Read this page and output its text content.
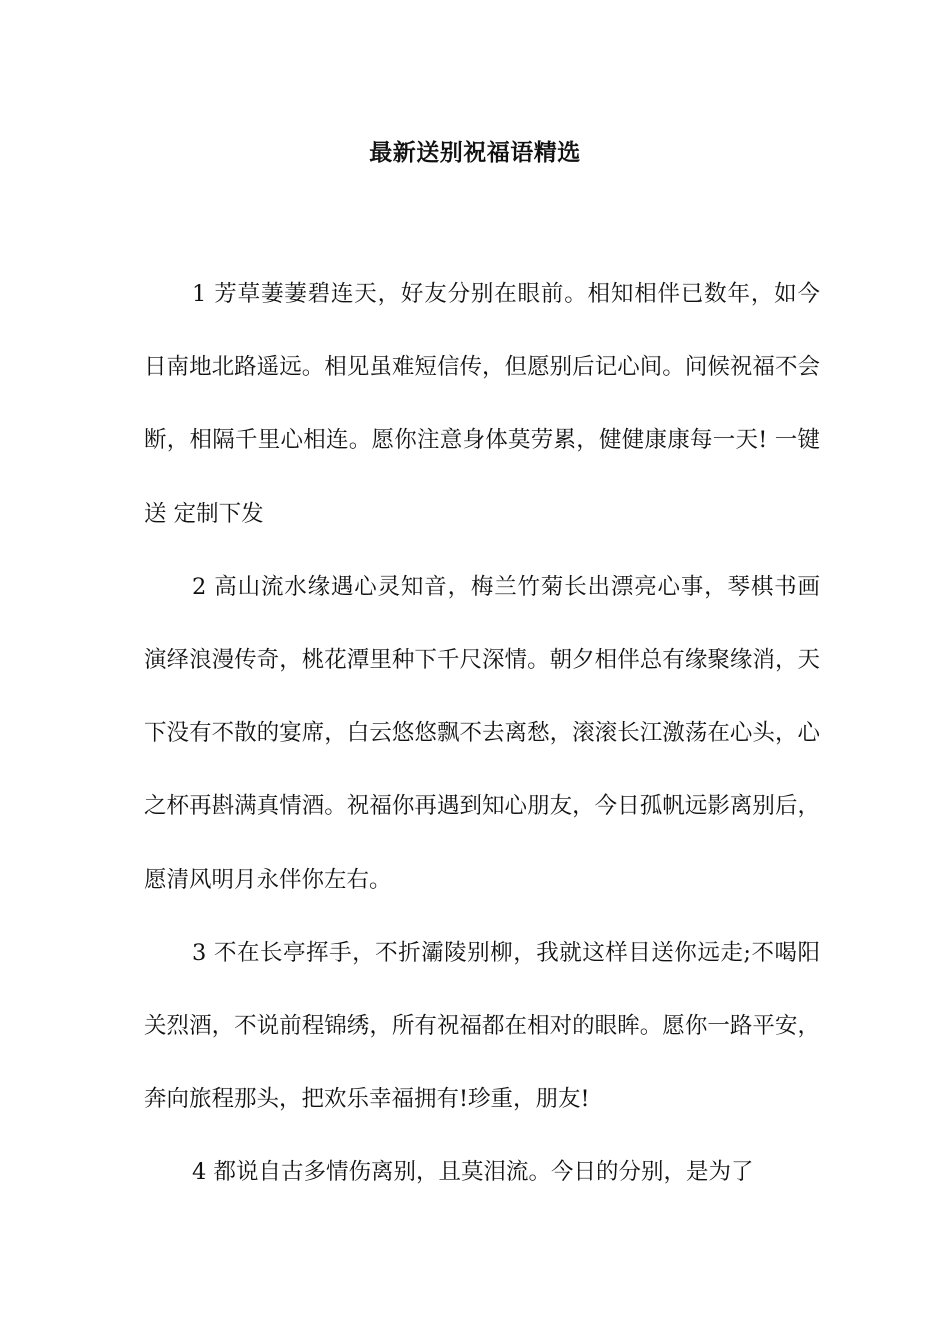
最新送别祝福语精选

1 芳草萋萋碧连天，好友分别在眼前。相知相伴已数年，如今日南地北路遥远。相见虽难短信传，但愿别后记心间。问候祝福不会断，相隔千里心相连。愿你注意身体莫劳累，健健康康每一天! 一键送 定制下发

2 高山流水缘遇心灵知音，梅兰竹菊长出漂亮心事，琴棋书画演绎浪漫传奇，桃花潭里种下千尺深情。朝夕相伴总有缘聚缘消，天下没有不散的宴席，白云悠悠飘不去离愁，滚滚长江激荡在心头，心之杯再斟满真情酒。祝福你再遇到知心朋友，今日孤帆远影离别后，愿清风明月永伴你左右。

3 不在长亭挥手，不折灞陵别柳，我就这样目送你远走;不喝阳关烈酒，不说前程锦绣，所有祝福都在相对的眼眸。愿你一路平安，奔向旅程那头，把欢乐幸福拥有!珍重，朋友!

4 都说自古多情伤离别，且莫泪流。今日的分别，是为了
